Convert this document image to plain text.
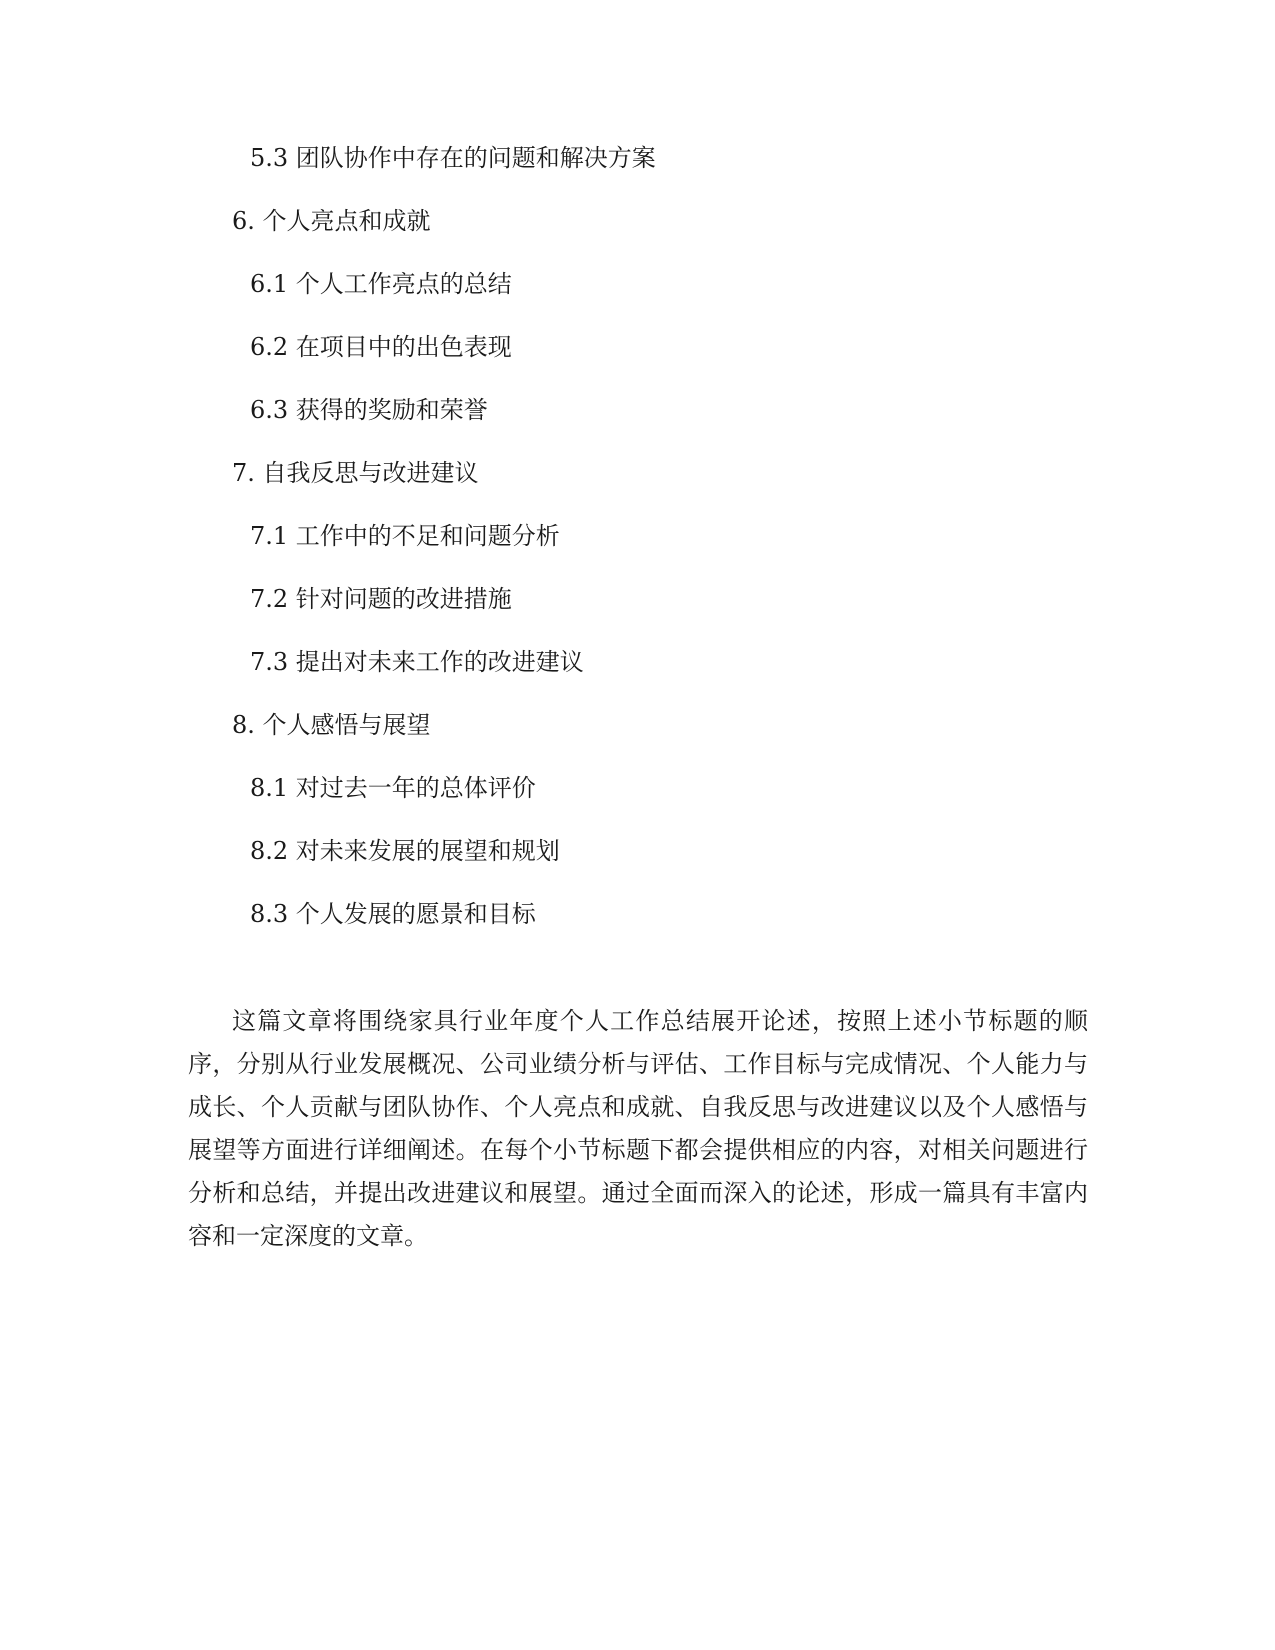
5.3 团队协作中存在的问题和解决方案
6. 个人亮点和成就
6.1 个人工作亮点的总结
6.2 在项目中的出色表现
6.3 获得的奖励和荣誉
7. 自我反思与改进建议
7.1 工作中的不足和问题分析
7.2 针对问题的改进措施
7.3 提出对未来工作的改进建议
8. 个人感悟与展望
8.1 对过去一年的总体评价
8.2 对未来发展的展望和规划
8.3 个人发展的愿景和目标

这篇文章将围绕家具行业年度个人工作总结展开论述，按照上述小节标题的顺序，分别从行业发展概况、公司业绩分析与评估、工作目标与完成情况、个人能力与成长、个人贡献与团队协作、个人亮点和成就、自我反思与改进建议以及个人感悟与展望等方面进行详细阐述。在每个小节标题下都会提供相应的内容，对相关问题进行分析和总结，并提出改进建议和展望。通过全面而深入的论述，形成一篇具有丰富内容和一定深度的文章。
